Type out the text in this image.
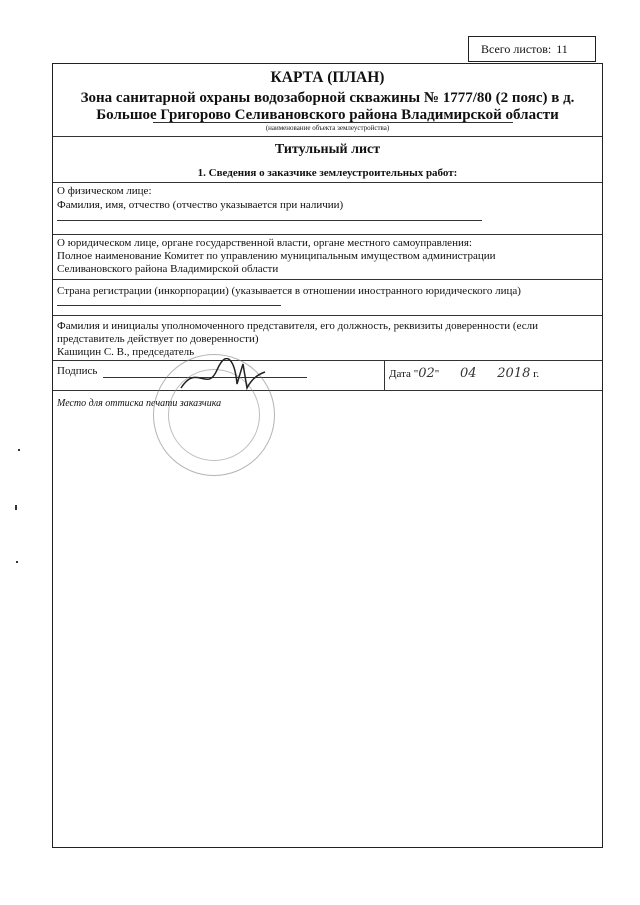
Всего листов: 11
КАРТА (ПЛАН)
Зона санитарной охраны водозаборной скважины № 1777/80 (2 пояс) в д. Большое Григорово Селивановского района Владимирской области
(наименование объекта землеустройства)
Титульный лист
1. Сведения о заказчике землеустроительных работ:
О физическом лице:
Фамилия, имя, отчество (отчество указывается при наличии)
О юридическом лице, органе государственной власти, органе местного самоуправления:
Полное наименование Комитет по управлению муниципальным имуществом администрации
Селивановского района Владимирской области
Страна регистрации (инкорпорации) (указывается в отношении иностранного юридического лица)
Фамилия и инициалы уполномоченного представителя, его должность, реквизиты доверенности (если
представитель действует по доверенности)
Кашицин С. В., председатель
Подпись	Дата "02" 04 2018 г.
Место для оттиска печати заказчика
